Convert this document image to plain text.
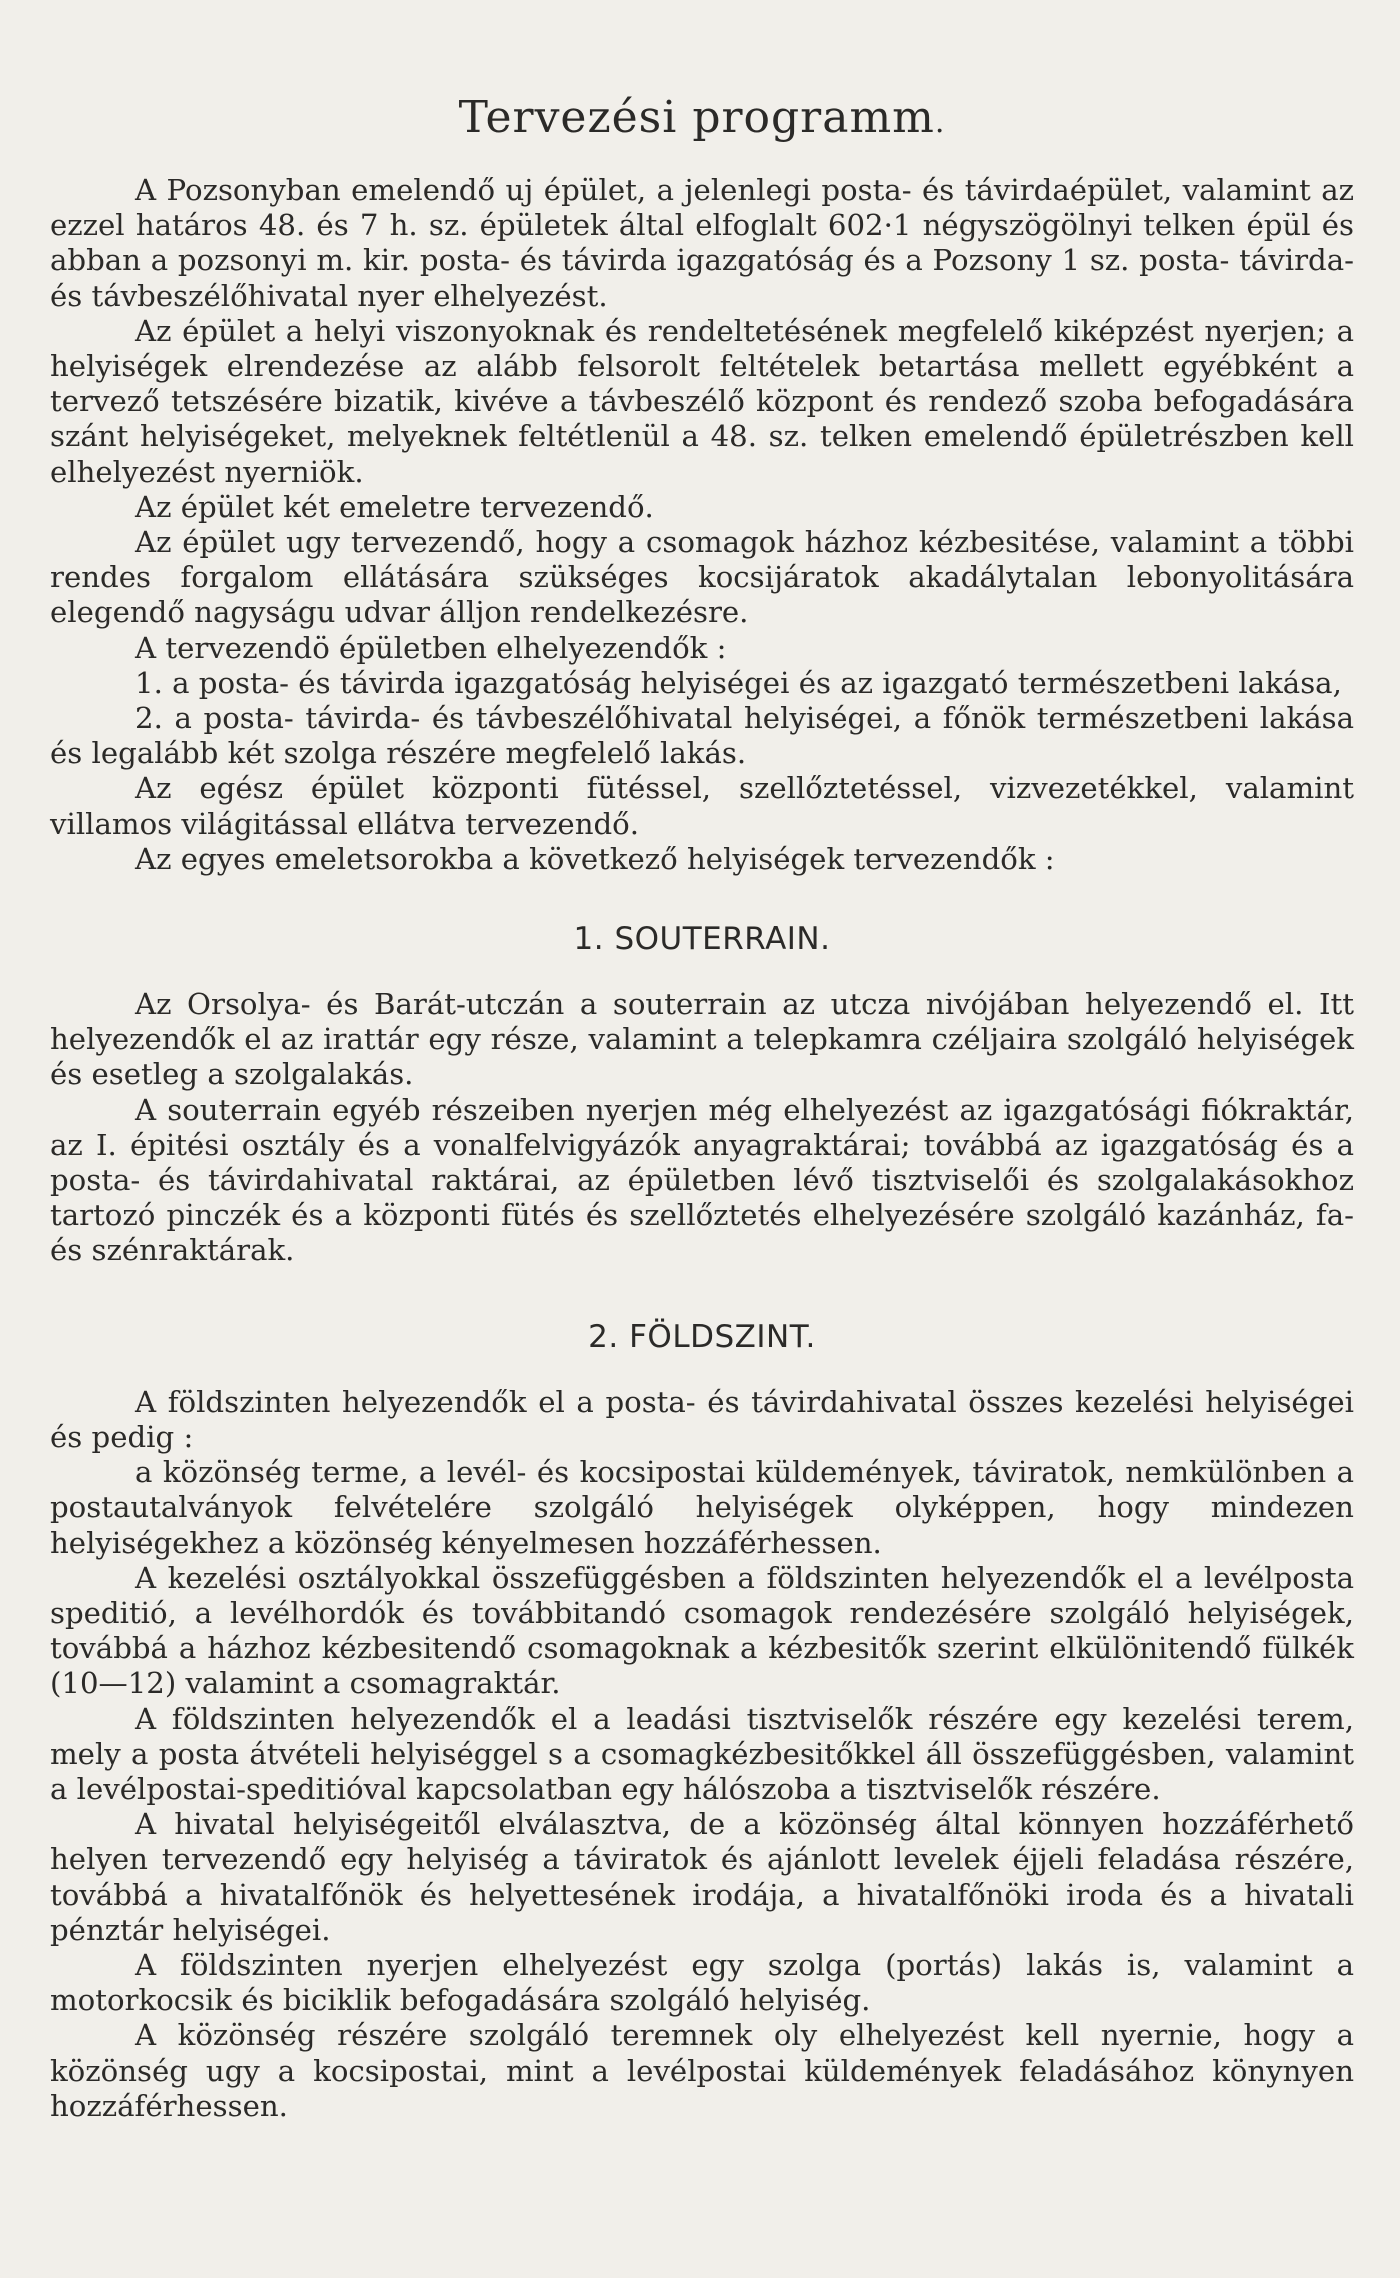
Tervezési programm.

A Pozsonyban emelendő uj épület, a jelenlegi posta- és távirdaépület, valamint az ezzel határos 48. és 7 h. sz. épületek által elfoglalt 602·1 négyszögölnyi telken épül és abban a pozsonyi m. kir. posta- és távirda igazgatóság és a Pozsony 1 sz. posta- távirda- és távbeszélőhivatal nyer elhelyezést.

Az épület a helyi viszonyoknak és rendeltetésének megfelelő kiképzést nyerjen; a helyiségek elrendezése az alább felsorolt feltételek betartása mellett egyébként a tervező tetszésére bizatik, kivéve a távbeszélő központ és rendező szoba befogadására szánt helyiségeket, melyeknek feltétlenül a 48. sz. telken emelendő épületrészben kell elhelyezést nyerniök.

Az épület két emeletre tervezendő.

Az épület ugy tervezendő, hogy a csomagok házhoz kézbesitése, valamint a többi rendes forgalom ellátására szükséges kocsijáratok akadálytalan lebonyolitására elegendő nagyságu udvar álljon rendelkezésre.

A tervezendö épületben elhelyezendők :

1. a posta- és távirda igazgatóság helyiségei és az igazgató természetbeni lakása,

2. a posta- távirda- és távbeszélőhivatal helyiségei, a főnök természetbeni lakása és legalább két szolga részére megfelelő lakás.

Az egész épület központi fütéssel, szellőztetéssel, vizvezetékkel, valamint villamos világitással ellátva tervezendő.

Az egyes emeletsorokba a következő helyiségek tervezendők :

1. SOUTERRAIN.

Az Orsolya- és Barát-utczán a souterrain az utcza nivójában helyezendő el. Itt helyezendők el az irattár egy része, valamint a telepkamra czéljaira szolgáló helyiségek és esetleg a szolgalakás.

A souterrain egyéb részeiben nyerjen még elhelyezést az igazgatósági fiókraktár, az I. épitési osztály és a vonalfelvigyázók anyagraktárai; továbbá az igazgatóság és a posta- és távirdahivatal raktárai, az épületben lévő tisztviselői és szolgalakásokhoz tartozó pinczék és a központi fütés és szellőztetés elhelyezésére szolgáló kazánház, fa- és szénraktárak.

2. FÖLDSZINT.

A földszinten helyezendők el a posta- és távirdahivatal összes kezelési helyiségei és pedig :

a közönség terme, a levél- és kocsipostai küldemények, táviratok, nemkülönben a postautalványok felvételére szolgáló helyiségek olyképpen, hogy mindezen helyiségekhez a közönség kényelmesen hozzáférhessen.

A kezelési osztályokkal összefüggésben a földszinten helyezendők el a levélposta speditió, a levélhordók és továbbitandó csomagok rendezésére szolgáló helyiségek, továbbá a házhoz kézbesitendő csomagoknak a kézbesitők szerint elkülönitendő fülkék (10—12) valamint a csomagraktár.

A földszinten helyezendők el a leadási tisztviselők részére egy kezelési terem, mely a posta átvételi helyiséggel s a csomagkézbesitőkkel áll összefüggésben, valamint a levélpostai-speditióval kapcsolatban egy hálószoba a tisztviselők részére.

A hivatal helyiségeitől elválasztva, de a közönség által könnyen hozzáférhető helyen tervezendő egy helyiség a táviratok és ajánlott levelek éjjeli feladása részére, továbbá a hivatalfőnök és helyettesének irodája, a hivatalfőnöki iroda és a hivatali pénztár helyiségei.

A földszinten nyerjen elhelyezést egy szolga (portás) lakás is, valamint a motorkocsik és biciklik befogadására szolgáló helyiség.

A közönség részére szolgáló teremnek oly elhelyezést kell nyernie, hogy a közönség ugy a kocsipostai, mint a levélpostai küldemények feladásához könynyen hozzáférhessen.
